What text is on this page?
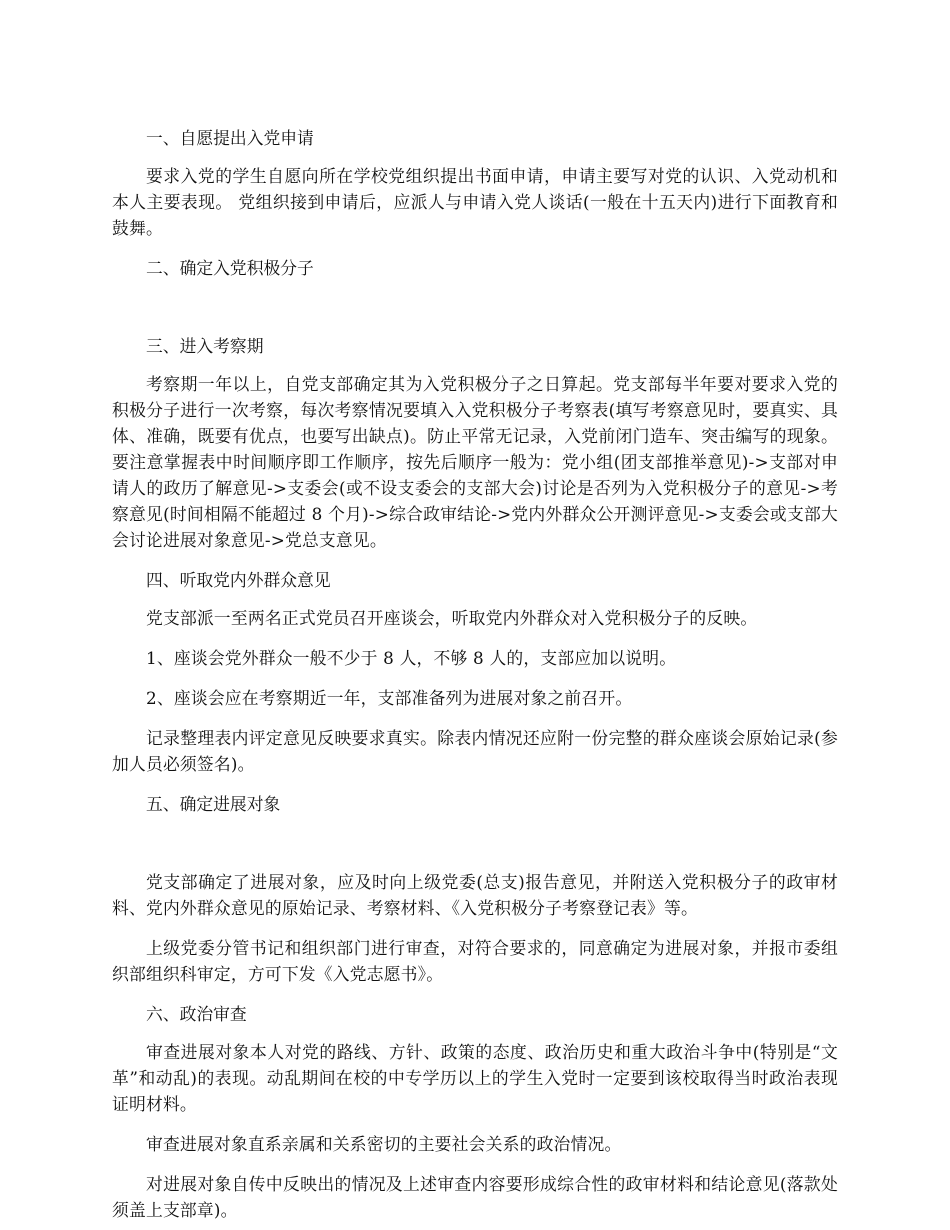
一、自愿提出入党申请

要求入党的学生自愿向所在学校党组织提出书面申请，申请主要写对党的认识、入党动机和本人主要表现。 党组织接到申请后，应派人与申请入党人谈话(一般在十五天内)进行下面教育和鼓舞。

二、确定入党积极分子

三、进入考察期

考察期一年以上，自党支部确定其为入党积极分子之日算起。党支部每半年要对要求入党的积极分子进行一次考察，每次考察情况要填入入党积极分子考察表(填写考察意见时，要真实、具体、准确，既要有优点，也要写出缺点)。防止平常无记录，入党前闭门造车、突击编写的现象。要注意掌握表中时间顺序即工作顺序，按先后顺序一般为：党小组(团支部推举意见)->支部对申请人的政历了解意见->支委会(或不设支委会的支部大会)讨论是否列为入党积极分子的意见->考察意见(时间相隔不能超过 8 个月)->综合政审结论->党内外群众公开测评意见->支委会或支部大会讨论进展对象意见->党总支意见。

四、听取党内外群众意见

党支部派一至两名正式党员召开座谈会，听取党内外群众对入党积极分子的反映。

1、座谈会党外群众一般不少于 8 人，不够 8 人的，支部应加以说明。

2、座谈会应在考察期近一年，支部准备列为进展对象之前召开。

记录整理表内评定意见反映要求真实。除表内情况还应附一份完整的群众座谈会原始记录(参加人员必须签名)。

五、确定进展对象

党支部确定了进展对象，应及时向上级党委(总支)报告意见，并附送入党积极分子的政审材料、党内外群众意见的原始记录、考察材料、《入党积极分子考察登记表》等。

上级党委分管书记和组织部门进行审查，对符合要求的，同意确定为进展对象，并报市委组织部组织科审定，方可下发《入党志愿书》。

六、政治审查

审查进展对象本人对党的路线、方针、政策的态度、政治历史和重大政治斗争中(特别是“文革”和动乱)的表现。动乱期间在校的中专学历以上的学生入党时一定要到该校取得当时政治表现证明材料。

审查进展对象直系亲属和关系密切的主要社会关系的政治情况。

对进展对象自传中反映出的情况及上述审查内容要形成综合性的政审材料和结论意见(落款处须盖上支部章)。
